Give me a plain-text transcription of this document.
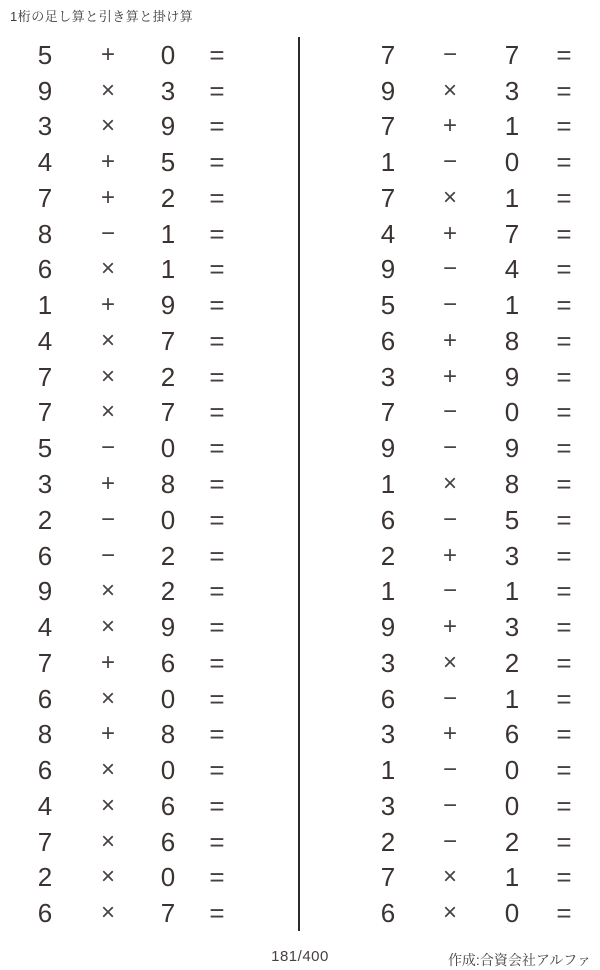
1桁の足し算と引き算と掛け算
5	+	0	=
9	×	3	=
3	×	9	=
4	+	5	=
7	+	2	=
8	−	1	=
6	×	1	=
1	+	9	=
4	×	7	=
7	×	2	=
7	×	7	=
5	−	0	=
3	+	8	=
2	−	0	=
6	−	2	=
9	×	2	=
4	×	9	=
7	+	6	=
6	×	0	=
8	+	8	=
6	×	0	=
4	×	6	=
7	×	6	=
2	×	0	=
6	×	7	=
7	−	7	=
9	×	3	=
7	+	1	=
1	−	0	=
7	×	1	=
4	+	7	=
9	−	4	=
5	−	1	=
6	+	8	=
3	+	9	=
7	−	0	=
9	−	9	=
1	×	8	=
6	−	5	=
2	+	3	=
1	−	1	=
9	+	3	=
3	×	2	=
6	−	1	=
3	+	6	=
1	−	0	=
3	−	0	=
2	−	2	=
7	×	1	=
6	×	0	=
181/400	作成:合資会社アルファ
